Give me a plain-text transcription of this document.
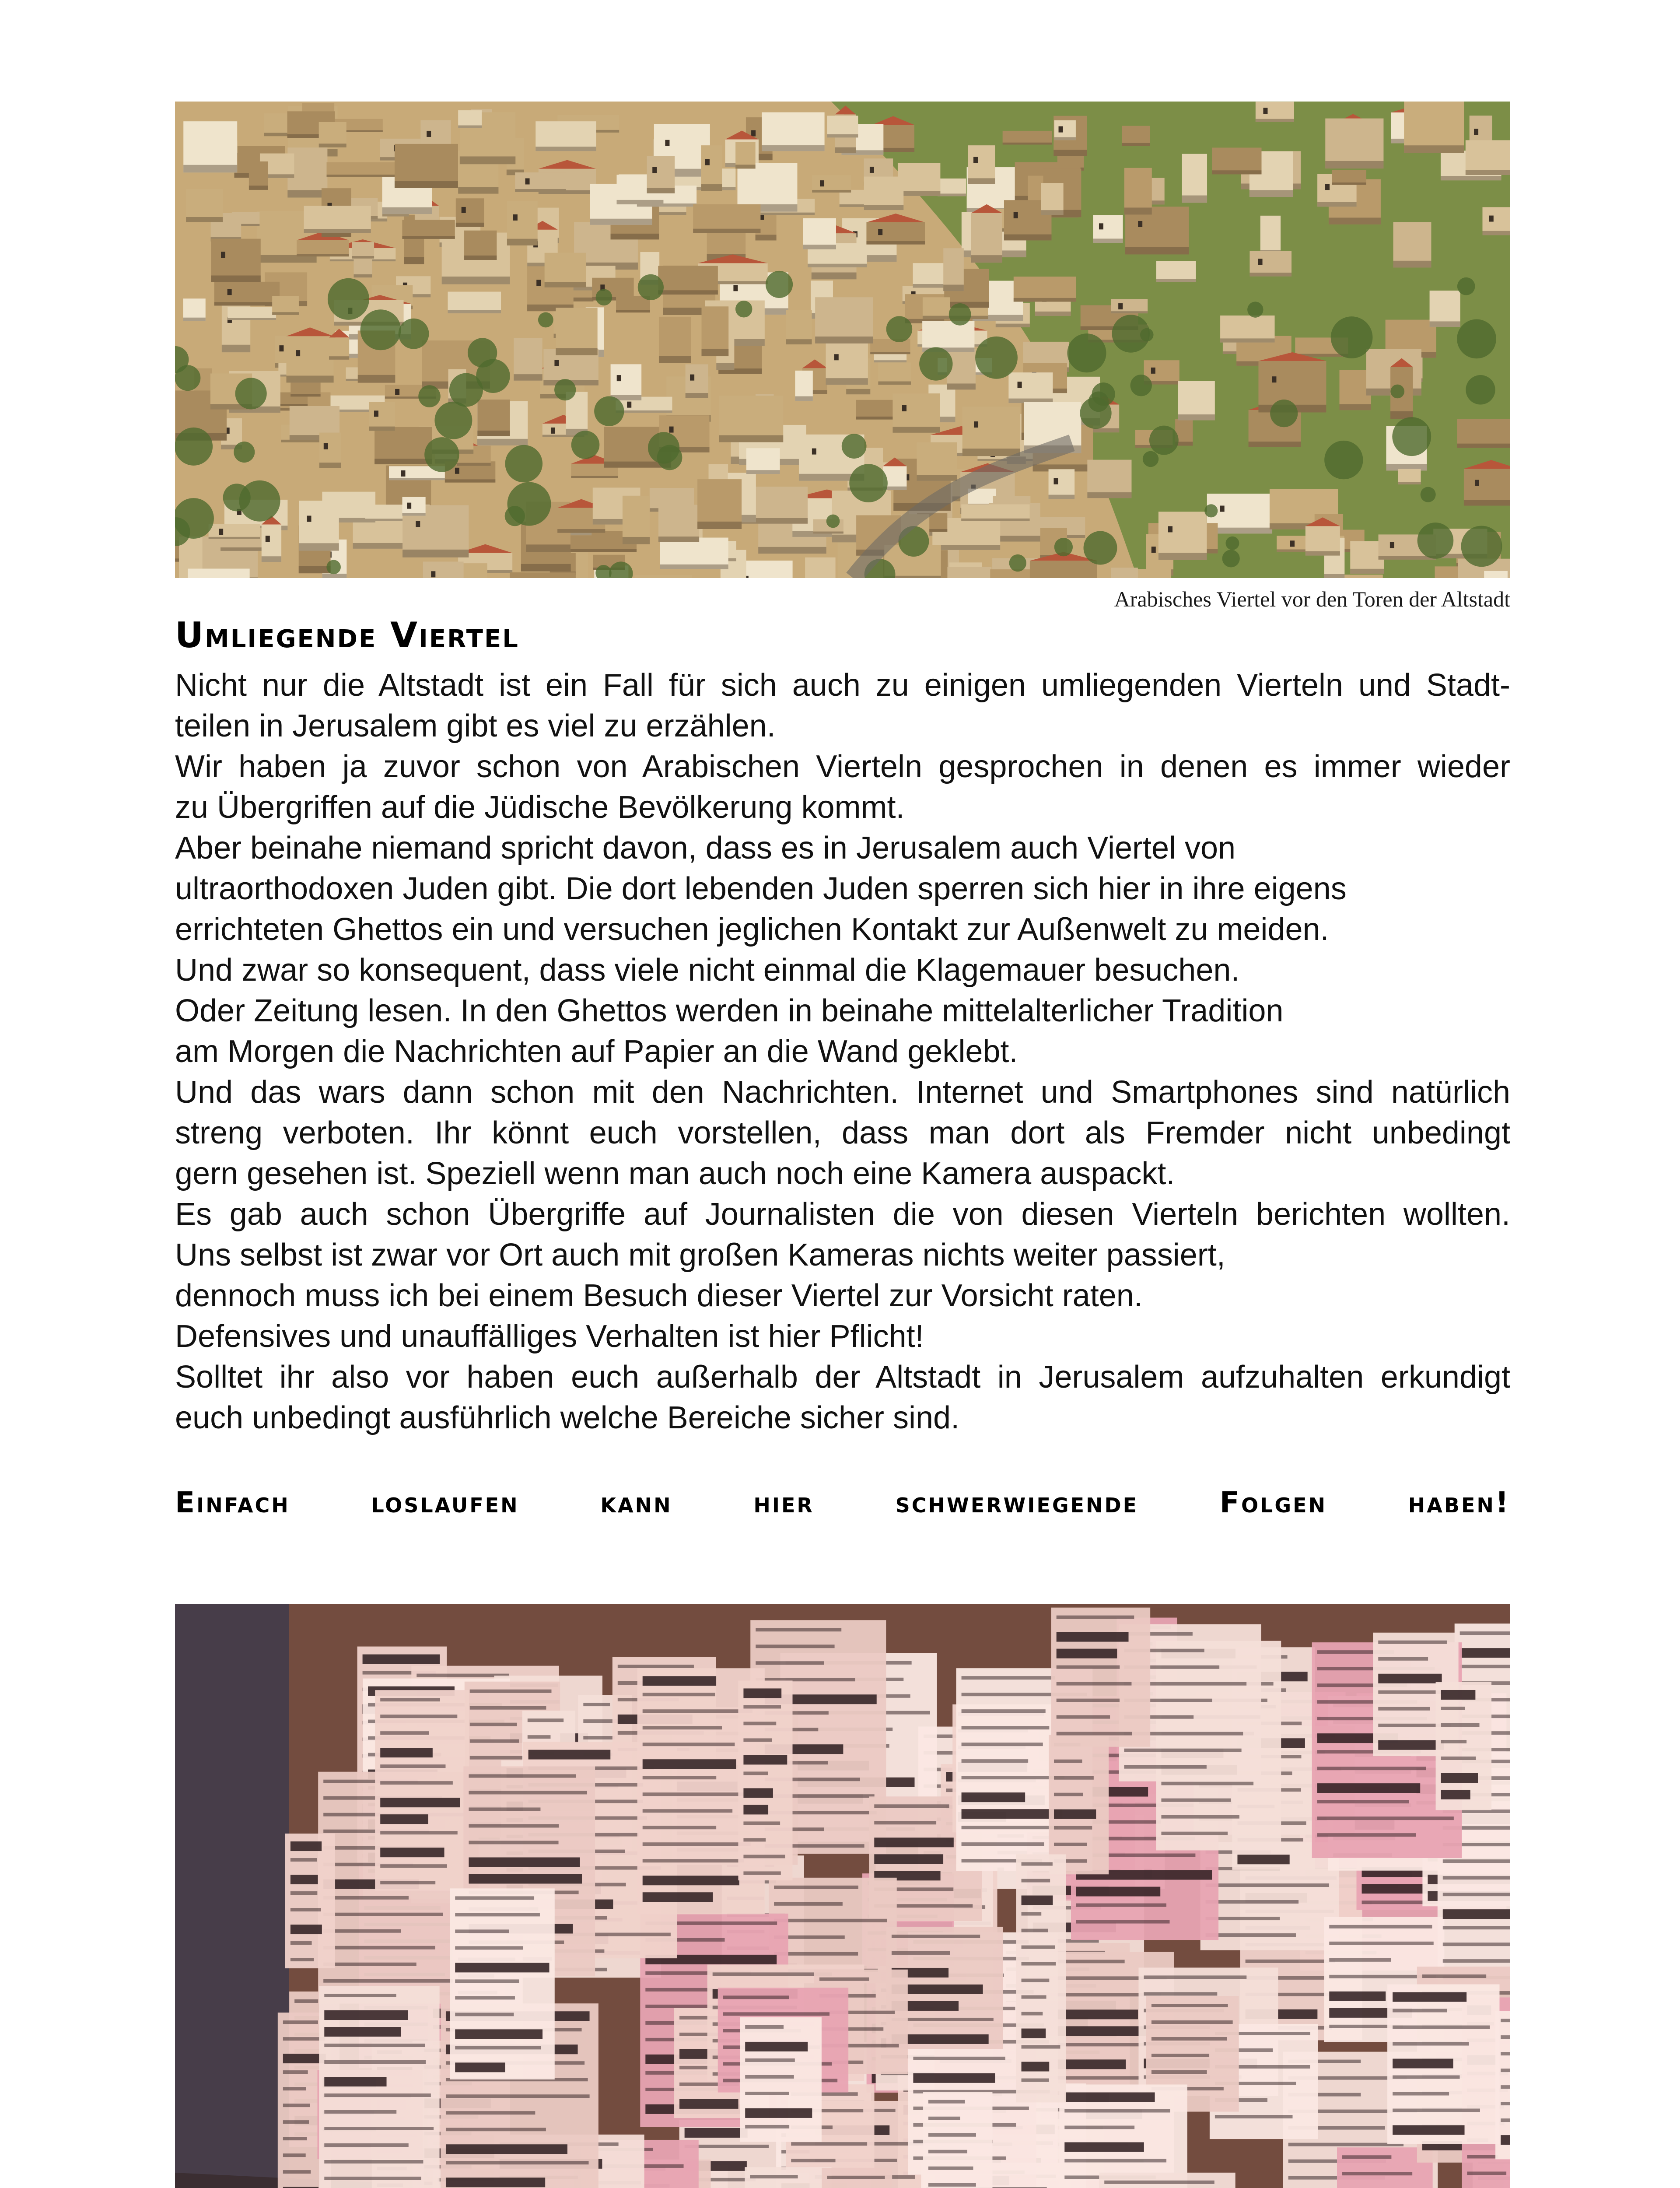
Arabisches Viertel vor den Toren der Altstadt
Umliegende Viertel
Nicht nur die Altstadt ist ein Fall für sich auch zu einigen umliegenden Vierteln und Stadt-
teilen in Jerusalem gibt es viel zu erzählen.
Wir haben ja zuvor schon von Arabischen Vierteln gesprochen in denen es immer wieder
zu Übergriffen auf die Jüdische Bevölkerung kommt.
Aber beinahe niemand spricht davon, dass es in Jerusalem auch Viertel von
ultraorthodoxen Juden gibt. Die dort lebenden Juden sperren sich hier in ihre eigens
errichteten Ghettos ein und versuchen jeglichen Kontakt zur Außenwelt zu meiden.
Und zwar so konsequent, dass viele nicht einmal die Klagemauer besuchen.
Oder Zeitung lesen. In den Ghettos werden in beinahe mittelalterlicher Tradition
am Morgen die Nachrichten auf Papier an die Wand geklebt.
Und das wars dann schon mit den Nachrichten. Internet und Smartphones sind natürlich
streng verboten. Ihr könnt euch vorstellen, dass man dort als Fremder nicht unbedingt
gern gesehen ist. Speziell wenn man auch noch eine Kamera auspackt.
Es gab auch schon Übergriffe auf Journalisten die von diesen Vierteln berichten wollten.
Uns selbst ist zwar vor Ort auch mit großen Kameras nichts weiter passiert,
dennoch muss ich bei einem Besuch dieser Viertel zur Vorsicht raten.
Defensives und unauffälliges Verhalten ist hier Pflicht!
Solltet ihr also vor haben euch außerhalb der Altstadt in Jerusalem aufzuhalten erkundigt
euch unbedingt ausführlich welche Bereiche sicher sind.

Einfach loslaufen kann hier schwerwiegende Folgen haben!
